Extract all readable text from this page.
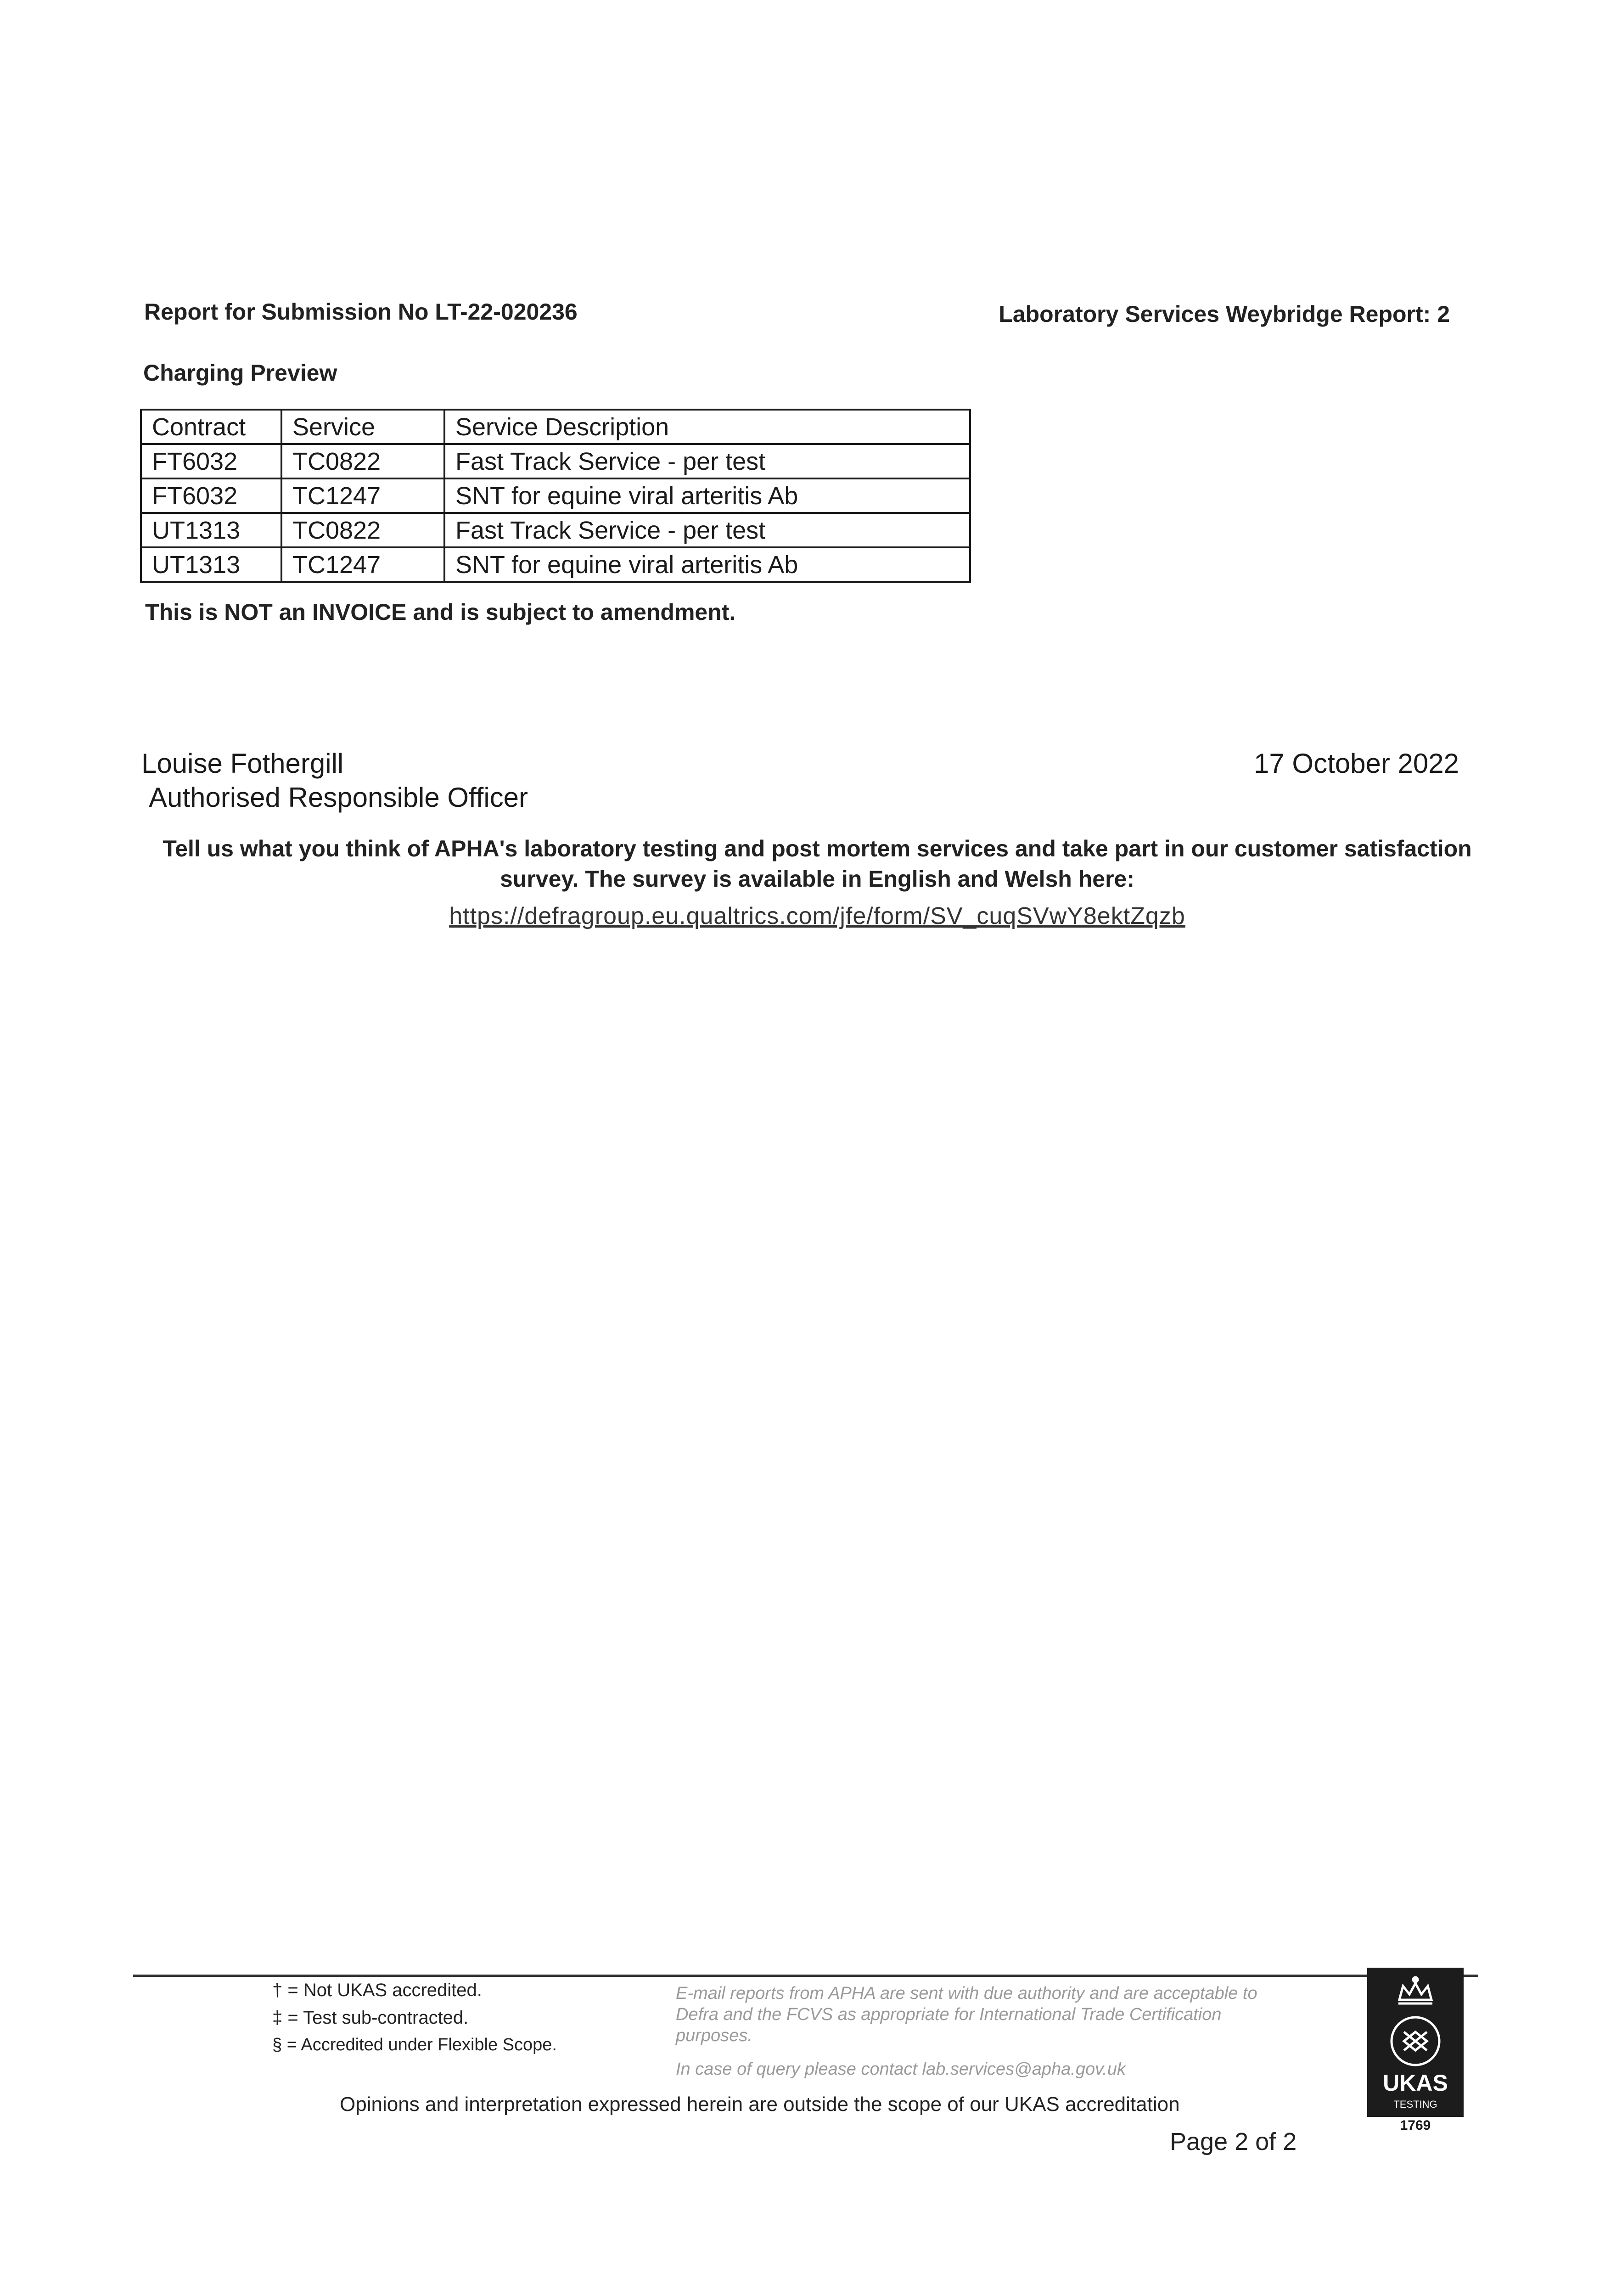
Report for Submission No LT-22-020236	Laboratory Services Weybridge Report: 2
Charging Preview
Contract	Service	Service Description
FT6032	TC0822	Fast Track Service - per test
FT6032	TC1247	SNT for equine viral arteritis Ab
UT1313	TC0822	Fast Track Service - per test
UT1313	TC1247	SNT for equine viral arteritis Ab
This is NOT an INVOICE and is subject to amendment.
Louise Fothergill
Authorised Responsible Officer
17 October 2022
Tell us what you think of APHA's laboratory testing and post mortem services and take part in our customer satisfaction survey. The survey is available in English and Welsh here:
https://defragroup.eu.qualtrics.com/jfe/form/SV_cuqSVwY8ektZqzb
† = Not UKAS accredited.
‡ = Test sub-contracted.
§ = Accredited under Flexible Scope.
E-mail reports from APHA are sent with due authority and are acceptable to Defra and the FCVS as appropriate for International Trade Certification purposes.
In case of query please contact lab.services@apha.gov.uk
Opinions and interpretation expressed herein are outside the scope of our UKAS accreditation
Page 2 of 2
UKAS
TESTING
1769
